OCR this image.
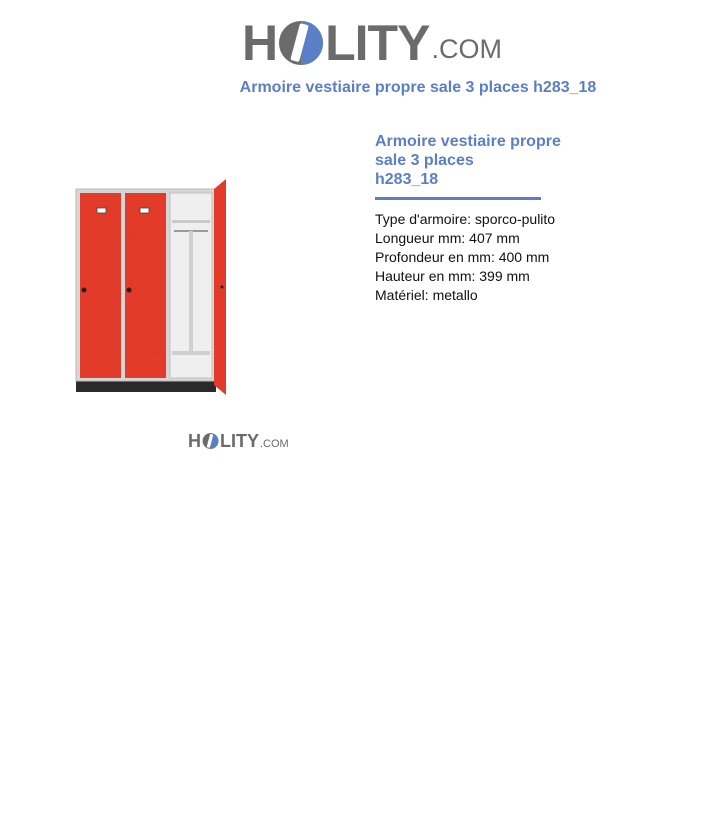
H LITY .COM
Armoire vestiaire propre sale 3 places h283_18
H LITY .COM
Armoire vestiaire propre
sale 3 places
h283_18
Type d'armoire: sporco-pulito
Longueur mm: 407 mm
Profondeur en mm: 400 mm
Hauteur en mm: 399 mm
Matériel: metallo
